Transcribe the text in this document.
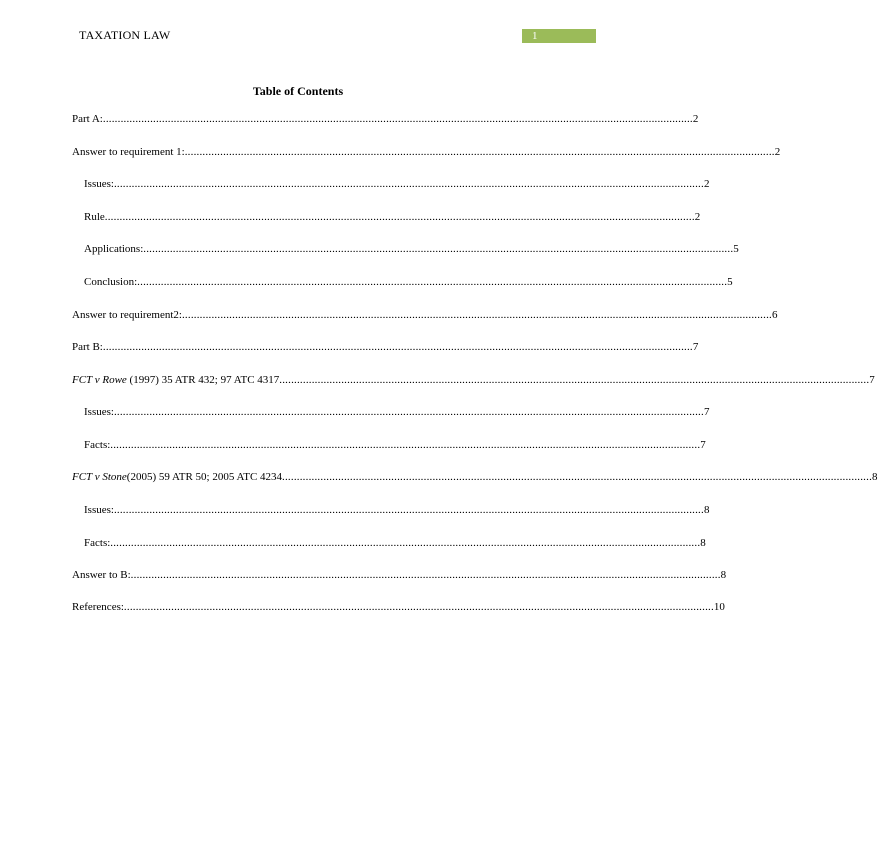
TAXATION LAW	1
Table of Contents
Part A: ........................................................................................................................................................................................................ 2
Answer to requirement 1: ........................................................................................................................................................................................................ 2
Issues: ........................................................................................................................................................................................................ 2
Rule ........................................................................................................................................................................................................ 2
Applications: ........................................................................................................................................................................................................ 5
Conclusion: ........................................................................................................................................................................................................ 5
Answer to requirement2: ........................................................................................................................................................................................................ 6
Part B: ........................................................................................................................................................................................................ 7
FCT v Rowe (1997) 35 ATR 432; 97 ATC 4317 ........................................................................................................................................................................................................ 7
Issues: ........................................................................................................................................................................................................ 7
Facts: ........................................................................................................................................................................................................ 7
FCT v Stone(2005) 59 ATR 50; 2005 ATC 4234 ........................................................................................................................................................................................................ 8
Issues: ........................................................................................................................................................................................................ 8
Facts: ........................................................................................................................................................................................................ 8
Answer to B: ........................................................................................................................................................................................................ 8
References: ........................................................................................................................................................................................................ 10
